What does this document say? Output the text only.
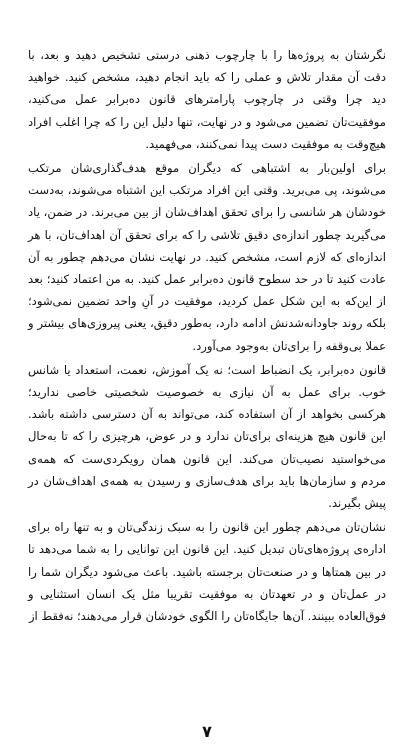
نگرشتان به پروژه‌ها را با چارچوب ذهنی درستی تشخیص دهید و بعد، با دقت آن مقدار تلاش و عملی را که باید انجام دهید، مشخص کنید. خواهید دید چرا وقتی در چارچوب پارامترهای قانون ده‌برابر عمل می‌کنید، موفقیت‌تان تضمین می‌شود و در نهایت، تنها دلیل این را که چرا اغلب افراد هیچ‌وقت به موفقیت دست پیدا نمی‌کنند، می‌فهمید.

برای اولین‌بار به اشتباهی که دیگران موقع هدف‌گذاری‌شان مرتکب می‌شوند، پی می‌برید. وقتی این افراد مرتکب این اشتباه می‌شوند، به‌دست خودشان هر شانسی را برای تحقق اهداف‌شان از بین می‌برند. در ضمن، یاد می‌گیرید چطور اندازه‌ی دقیق تلاشی را که برای تحقق آن اهداف‌تان، با هر اندازه‌ای که لازم است، مشخص کنید. در نهایت نشان می‌دهم چطور به آن عادت کنید تا در حد سطوح قانون ده‌برابر عمل کنید. به من اعتماد کنید؛ بعد از این‌که به این شکل عمل کردید، موفقیت در آنِ واحد تضمین نمی‌شود؛ بلکه روند جاودانه‌شدنش ادامه دارد، به‌طور دقیق، یعنی پیروزی‌های بیشتر و عملا بی‌وقفه را برای‌تان به‌وجود می‌آورد.

قانون ده‌برابر، یک انضباط است؛ نه یک آموزش، نعمت، استعداد یا شانس خوب. برای عمل به آن نیازی به خصوصیت شخصیتی خاصی ندارید؛ هرکسی بخواهد از آن استفاده کند، می‌تواند به آن دسترسی داشته باشد. این قانون هیچ هزینه‌ای برای‌تان ندارد و در عوض، هرچیزی را که تا به‌حال می‌خواستید نصیب‌تان می‌کند. این قانون همان رویکردی‌ست که همه‌ی مردم و سازمان‌ها باید برای هدف‌سازی و رسیدن به همه‌ی اهداف‌شان در پیش بگیرند.

نشان‌تان می‌دهم چطور این قانون را به سبک زندگی‌تان و به تنها راه برای اداره‌ی پروژه‌های‌تان تبدیل کنید. این قانون این توانایی را به شما می‌دهد تا در بین همتاها و در صنعت‌تان برجسته باشید. باعث می‌شود دیگران شما را در عمل‌تان و در تعهدتان به موفقیت تقریبا مثل یک انسان استثنایی و فوق‌العاده ببینند. آن‌ها جایگاه‌تان را الگوی خودشان قرار می‌دهند؛ نه‌فقط از

۷
